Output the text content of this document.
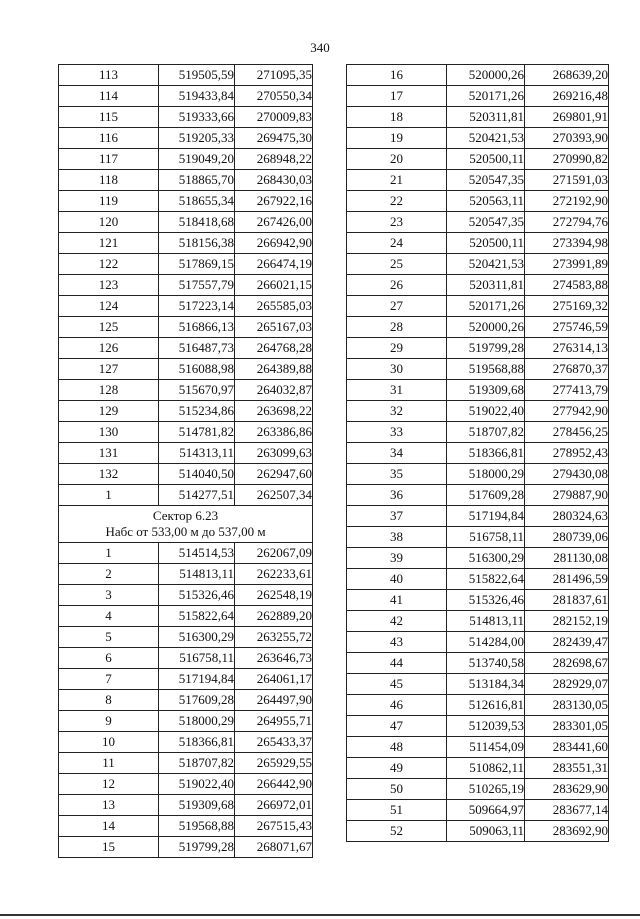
340
113	519505,59	271095,35
114	519433,84	270550,34
115	519333,66	270009,83
116	519205,33	269475,30
117	519049,20	268948,22
118	518865,70	268430,03
119	518655,34	267922,16
120	518418,68	267426,00
121	518156,38	266942,90
122	517869,15	266474,19
123	517557,79	266021,15
124	517223,14	265585,03
125	516866,13	265167,03
126	516487,73	264768,28
127	516088,98	264389,88
128	515670,97	264032,87
129	515234,86	263698,22
130	514781,82	263386,86
131	514313,11	263099,63
132	514040,50	262947,60
1	514277,51	262507,34

Сектор 6.23
Набс от 533,00 м до 537,00 м		

1	514514,53	262067,09
2	514813,11	262233,61
3	515326,46	262548,19
4	515822,64	262889,20
5	516300,29	263255,72
6	516758,11	263646,73
7	517194,84	264061,17
8	517609,28	264497,90
9	518000,29	264955,71
10	518366,81	265433,37
11	518707,82	265929,55
12	519022,40	266442,90
13	519309,68	266972,01
14	519568,88	267515,43
15	519799,28	268071,67
16	520000,26	268639,20
17	520171,26	269216,48
18	520311,81	269801,91
19	520421,53	270393,90
20	520500,11	270990,82
21	520547,35	271591,03
22	520563,11	272192,90
23	520547,35	272794,76
24	520500,11	273394,98
25	520421,53	273991,89
26	520311,81	274583,88
27	520171,26	275169,32
28	520000,26	275746,59
29	519799,28	276314,13
30	519568,88	276870,37
31	519309,68	277413,79
32	519022,40	277942,90
33	518707,82	278456,25
34	518366,81	278952,43
35	518000,29	279430,08
36	517609,28	279887,90
37	517194,84	280324,63
38	516758,11	280739,06
39	516300,29	281130,08
40	515822,64	281496,59
41	515326,46	281837,61
42	514813,11	282152,19
43	514284,00	282439,47
44	513740,58	282698,67
45	513184,34	282929,07
46	512616,81	283130,05
47	512039,53	283301,05
48	511454,09	283441,60
49	510862,11	283551,31
50	510265,19	283629,90
51	509664,97	283677,14
52	509063,11	283692,90
